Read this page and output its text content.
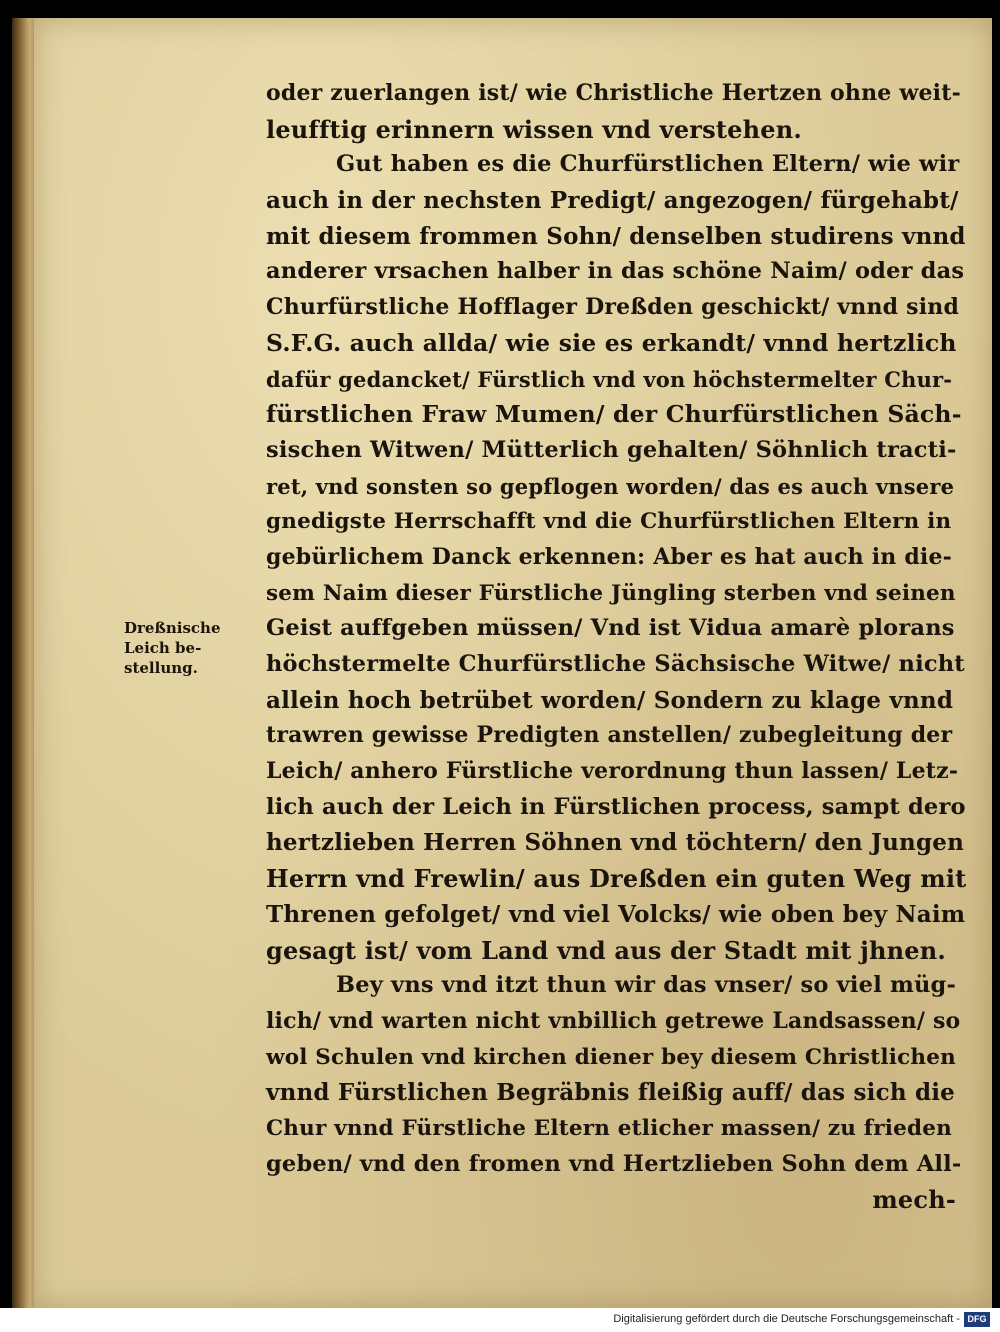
Dreßnische
Leich be-
stellung.
oder zuerlangen ist/ wie Christliche Hertzen ohne weit-
leufftig erinnern wissen vnd verstehen.
Gut haben es die Churfürstlichen Eltern/ wie wir
auch in der nechsten Predigt/ angezogen/ fürgehabt/
mit diesem frommen Sohn/ denselben studirens vnnd
anderer vrsachen halber in das schöne Naim/ oder das
Churfürstliche Hofflager Dreßden geschickt/ vnnd sind
S.F.G. auch allda/ wie sie es erkandt/ vnnd hertzlich
dafür gedancket/ Fürstlich vnd von höchstermelter Chur-
fürstlichen Fraw Mumen/ der Churfürstlichen Säch-
sischen Witwen/ Mütterlich gehalten/ Söhnlich tracti-
ret, vnd sonsten so gepflogen worden/ das es auch vnsere
gnedigste Herrschafft vnd die Churfürstlichen Eltern in
gebürlichem Danck erkennen: Aber es hat auch in die-
sem Naim dieser Fürstliche Jüngling sterben vnd seinen
Geist auffgeben müssen/ Vnd ist Vidua amarè plorans
höchstermelte Churfürstliche Sächsische Witwe/ nicht
allein hoch betrübet worden/ Sondern zu klage vnnd
trawren gewisse Predigten anstellen/ zubegleitung der
Leich/ anhero Fürstliche verordnung thun lassen/ Letz-
lich auch der Leich in Fürstlichen process, sampt dero
hertzlieben Herren Söhnen vnd töchtern/ den Jungen
Herrn vnd Frewlin/ aus Dreßden ein guten Weg mit
Threnen gefolget/ vnd viel Volcks/ wie oben bey Naim
gesagt ist/ vom Land vnd aus der Stadt mit jhnen.
Bey vns vnd itzt thun wir das vnser/ so viel müg-
lich/ vnd warten nicht vnbillich getrewe Landsassen/ so
wol Schulen vnd kirchen diener bey diesem Christlichen
vnnd Fürstlichen Begräbnis fleißig auff/ das sich die
Chur vnnd Fürstliche Eltern etlicher massen/ zu frieden
geben/ vnd den fromen vnd Hertzlieben Sohn dem All-
mech-
Digitalisierung gefördert durch die Deutsche Forschungsgemeinschaft - DFG
